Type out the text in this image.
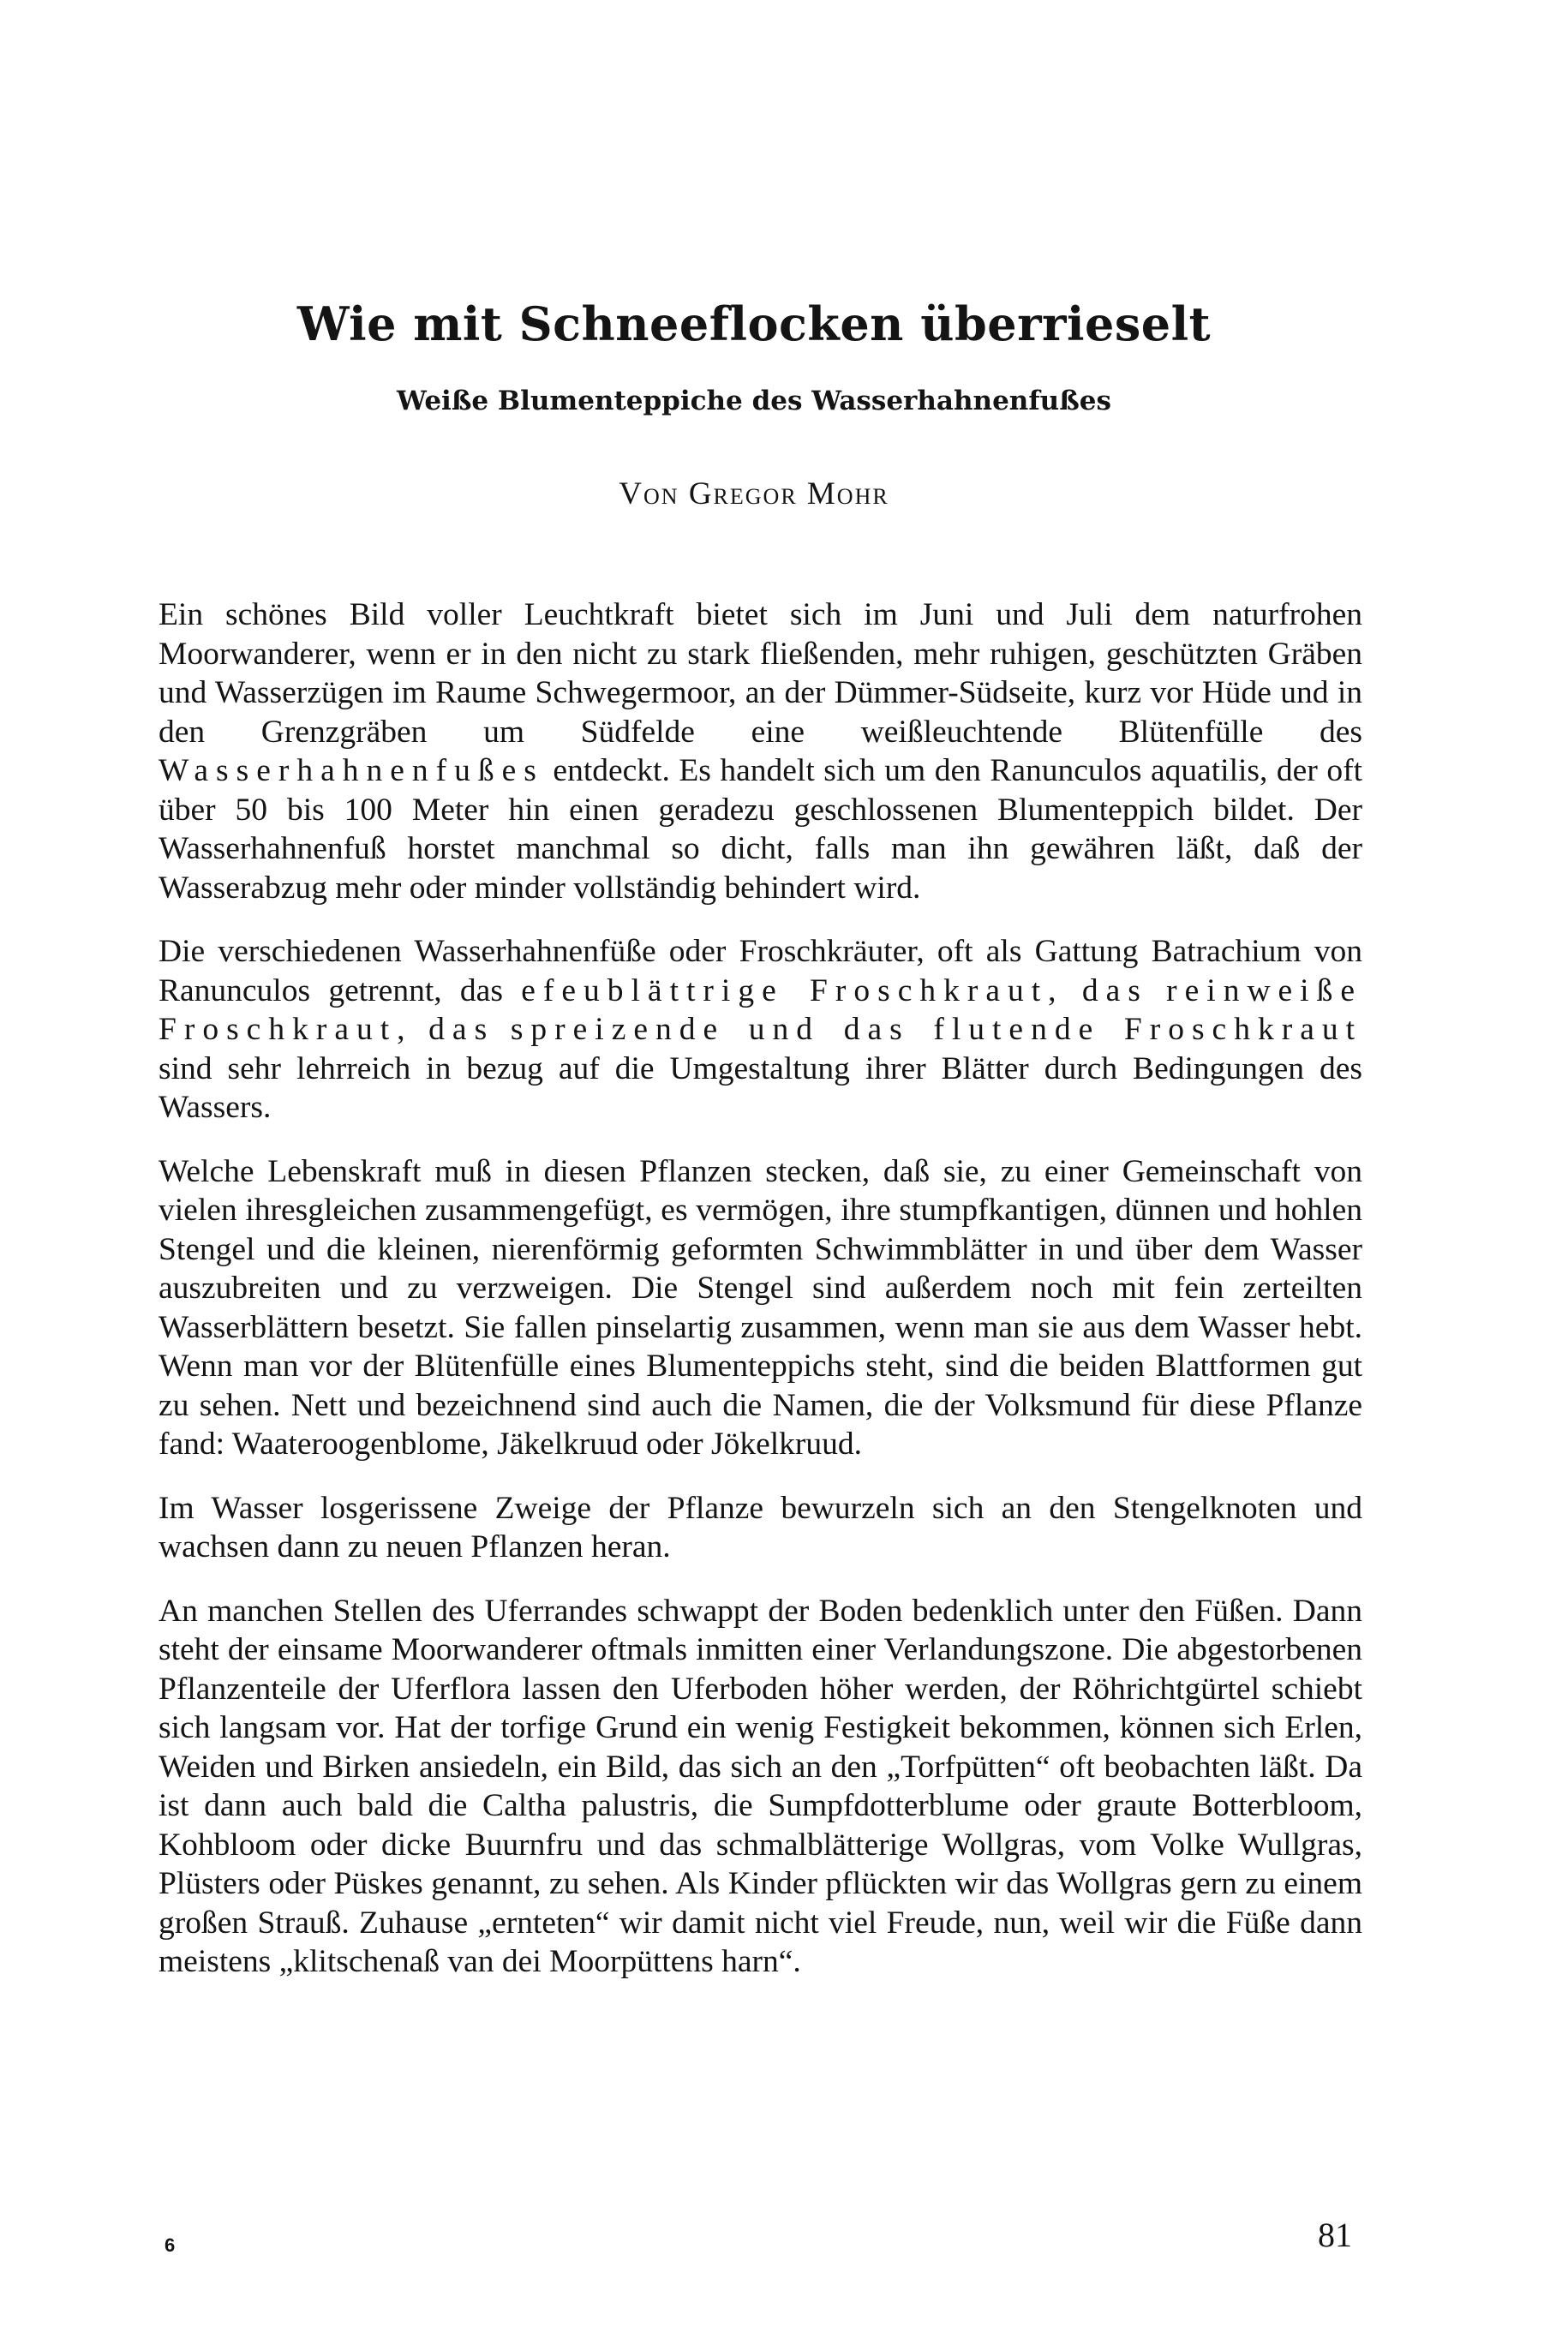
Wie mit Schneeflocken überrieselt
Weiße Blumenteppiche des Wasserhahnenfußes
Von Gregor Mohr

Ein schönes Bild voller Leuchtkraft bietet sich im Juni und Juli dem naturfrohen Moorwanderer, wenn er in den nicht zu stark fließenden, mehr ruhigen, geschützten Gräben und Wasserzügen im Raume Schwegermoor, an der Dümmer-Südseite, kurz vor Hüde und in den Grenzgräben um Südfelde eine weißleuchtende Blütenfülle des Wasserhahnenfußes entdeckt. Es handelt sich um den Ranunculos aquatilis, der oft über 50 bis 100 Meter hin einen geradezu geschlossenen Blumenteppich bildet. Der Wasserhahnenfuß horstet manchmal so dicht, falls man ihn gewähren läßt, daß der Wasserabzug mehr oder minder vollständig behindert wird.

Die verschiedenen Wasserhahnenfüße oder Froschkräuter, oft als Gattung Batrachium von Ranunculos getrennt, das efeublättrige Froschkraut, das reinweiße Froschkraut, das spreizende und das flutende Froschkraut sind sehr lehrreich in bezug auf die Umgestaltung ihrer Blätter durch Bedingungen des Wassers.

Welche Lebenskraft muß in diesen Pflanzen stecken, daß sie, zu einer Gemeinschaft von vielen ihresgleichen zusammengefügt, es vermögen, ihre stumpfkantigen, dünnen und hohlen Stengel und die kleinen, nierenförmig geformten Schwimmblätter in und über dem Wasser auszubreiten und zu verzweigen. Die Stengel sind außerdem noch mit fein zerteilten Wasserblättern besetzt. Sie fallen pinselartig zusammen, wenn man sie aus dem Wasser hebt. Wenn man vor der Blütenfülle eines Blumenteppichs steht, sind die beiden Blattformen gut zu sehen. Nett und bezeichnend sind auch die Namen, die der Volksmund für diese Pflanze fand: Waateroogenblome, Jäkelkruud oder Jökelkruud.

Im Wasser losgerissene Zweige der Pflanze bewurzeln sich an den Stengelknoten und wachsen dann zu neuen Pflanzen heran.

An manchen Stellen des Uferrandes schwappt der Boden bedenklich unter den Füßen. Dann steht der einsame Moorwanderer oftmals inmitten einer Verlandungszone. Die abgestorbenen Pflanzenteile der Uferflora lassen den Uferboden höher werden, der Röhrichtgürtel schiebt sich langsam vor. Hat der torfige Grund ein wenig Festigkeit bekommen, können sich Erlen, Weiden und Birken ansiedeln, ein Bild, das sich an den „Torfpütten“ oft beobachten läßt. Da ist dann auch bald die Caltha palustris, die Sumpfdotterblume oder graute Botterbloom, Kohbloom oder dicke Buurnfru und das schmalblätterige Wollgras, vom Volke Wullgras, Plüsters oder Püskes genannt, zu sehen. Als Kinder pflückten wir das Wollgras gern zu einem großen Strauß. Zuhause „ernteten“ wir damit nicht viel Freude, nun, weil wir die Füße dann meistens „klitschenaß van dei Moorpüttens harn“.

6	81
